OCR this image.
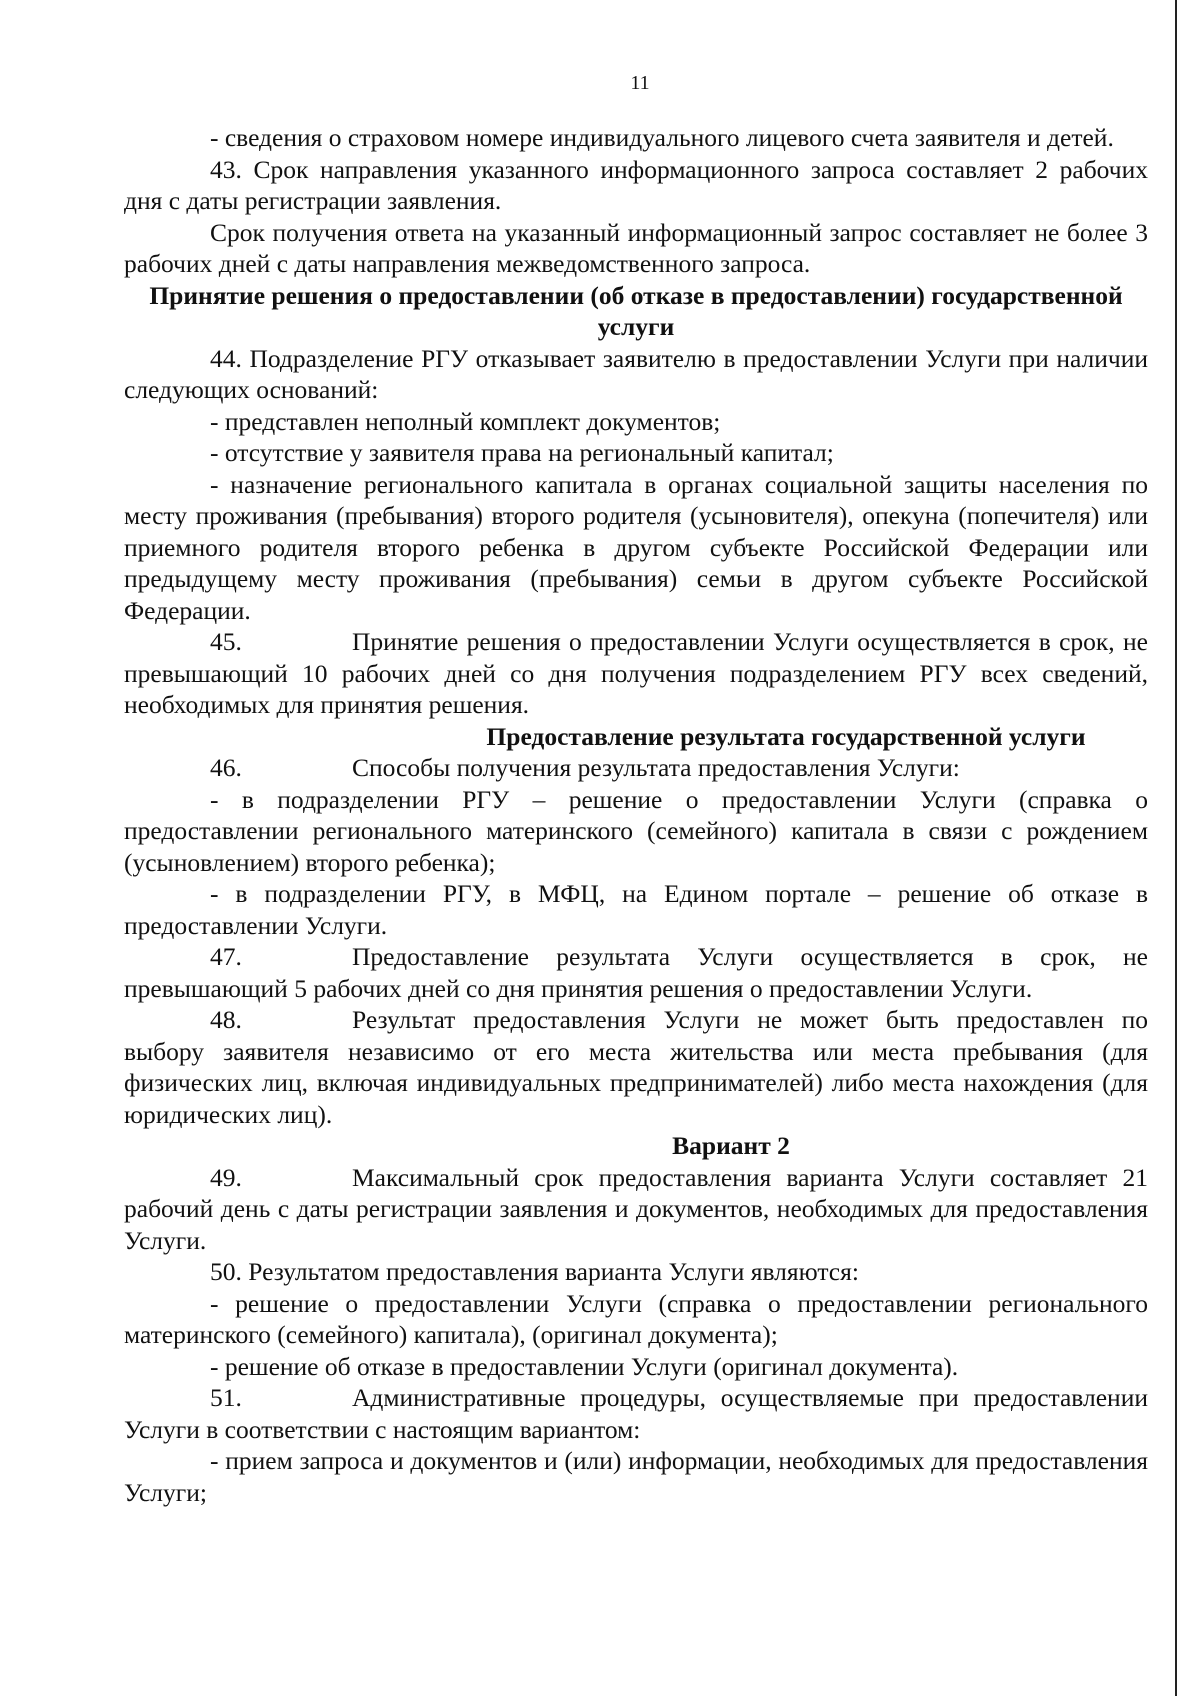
11

- сведения о страховом номере индивидуального лицевого счета заявителя и детей.

43. Срок направления указанного информационного запроса составляет 2 рабочих дня с даты регистрации заявления.

Срок получения ответа на указанный информационный запрос составляет не более 3 рабочих дней с даты направления межведомственного запроса.

Принятие решения о предоставлении (об отказе в предоставлении) государственной услуги

44. Подразделение РГУ отказывает заявителю в предоставлении Услуги при наличии следующих оснований:

- представлен неполный комплект документов;

- отсутствие у заявителя права на региональный капитал;

- назначение регионального капитала в органах социальной защиты населения по месту проживания (пребывания) второго родителя (усыновителя), опекуна (попечителя) или приемного родителя второго ребенка в другом субъекте Российской Федерации или предыдущему месту проживания (пребывания) семьи в другом субъекте Российской Федерации.

45.	Принятие решения о предоставлении Услуги осуществляется в срок, не превышающий 10 рабочих дней со дня получения подразделением РГУ всех сведений, необходимых для принятия решения.

Предоставление результата государственной услуги

46.	Способы получения результата предоставления Услуги:

- в подразделении РГУ – решение о предоставлении Услуги (справка о предоставлении регионального материнского (семейного) капитала в связи с рождением (усыновлением) второго ребенка);

- в подразделении РГУ, в МФЦ, на Едином портале – решение об отказе в предоставлении Услуги.

47.	Предоставление результата Услуги осуществляется в срок, не превышающий 5 рабочих дней со дня принятия решения о предоставлении Услуги.

48.	Результат предоставления Услуги не может быть предоставлен по выбору заявителя независимо от его места жительства или места пребывания (для физических лиц, включая индивидуальных предпринимателей) либо места нахождения (для юридических лиц).

Вариант 2

49.	Максимальный срок предоставления варианта Услуги составляет 21 рабочий день с даты регистрации заявления и документов, необходимых для предоставления Услуги.

50. Результатом предоставления варианта Услуги являются:

- решение о предоставлении Услуги (справка о предоставлении регионального материнского (семейного) капитала), (оригинал документа);

- решение об отказе в предоставлении Услуги (оригинал документа).

51.	Административные процедуры, осуществляемые при предоставлении Услуги в соответствии с настоящим вариантом:

- прием запроса и документов и (или) информации, необходимых для предоставления Услуги;
